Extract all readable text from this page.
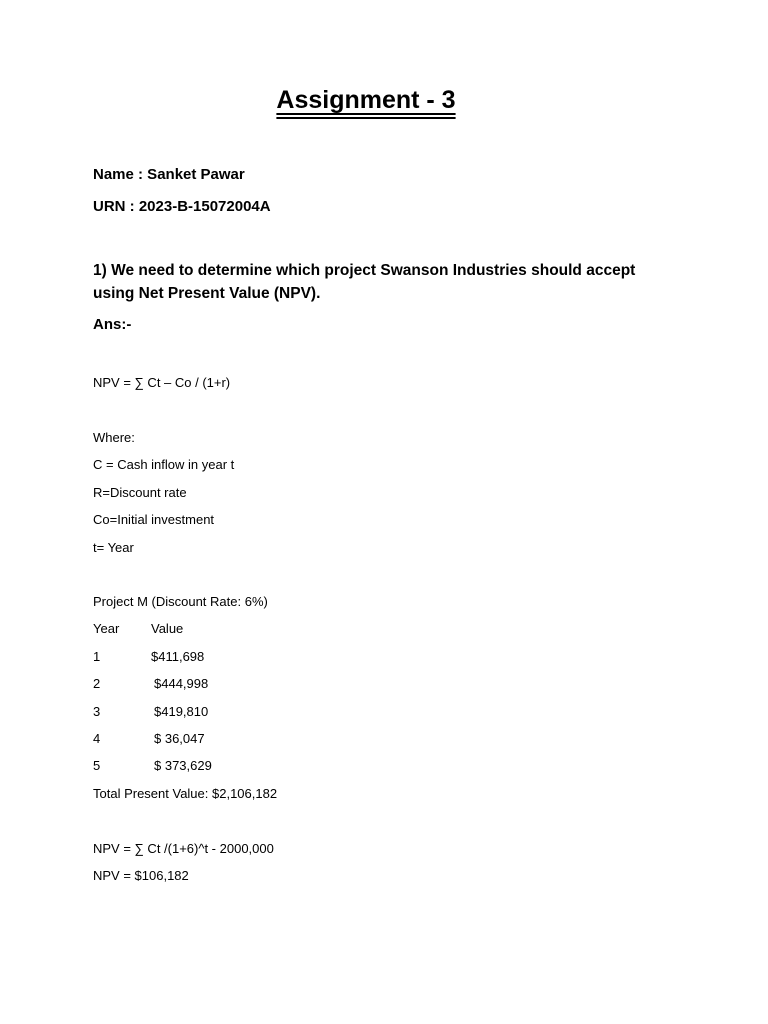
Assignment - 3
Name : Sanket Pawar
URN : 2023-B-15072004A
1) We need to determine which project Swanson Industries should accept
using Net Present Value (NPV).
Ans:-
NPV = ∑ Ct – Co / (1+r)
Where:
C = Cash inflow in year t
R=Discount rate
Co=Initial investment
t= Year
Project M (Discount Rate: 6%)
Year Value
1	$411,698
2	$444,998
3	$419,810
4	$ 36,047
5	$ 373,629
Total Present Value: $2,106,182
NPV = ∑ Ct /(1+6)^t - 2000,000
NPV = $106,182
